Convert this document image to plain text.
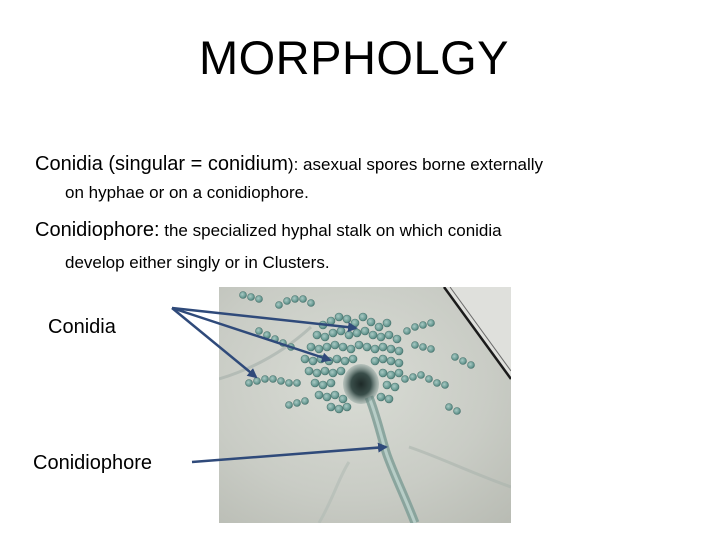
MORPHOLGY
Conidia (singular = conidium): asexual spores borne externally
on hyphae or on a conidiophore.
Conidiophore: the specialized hyphal stalk on which conidia
develop either singly or in Clusters.
Conidia
Conidiophore
